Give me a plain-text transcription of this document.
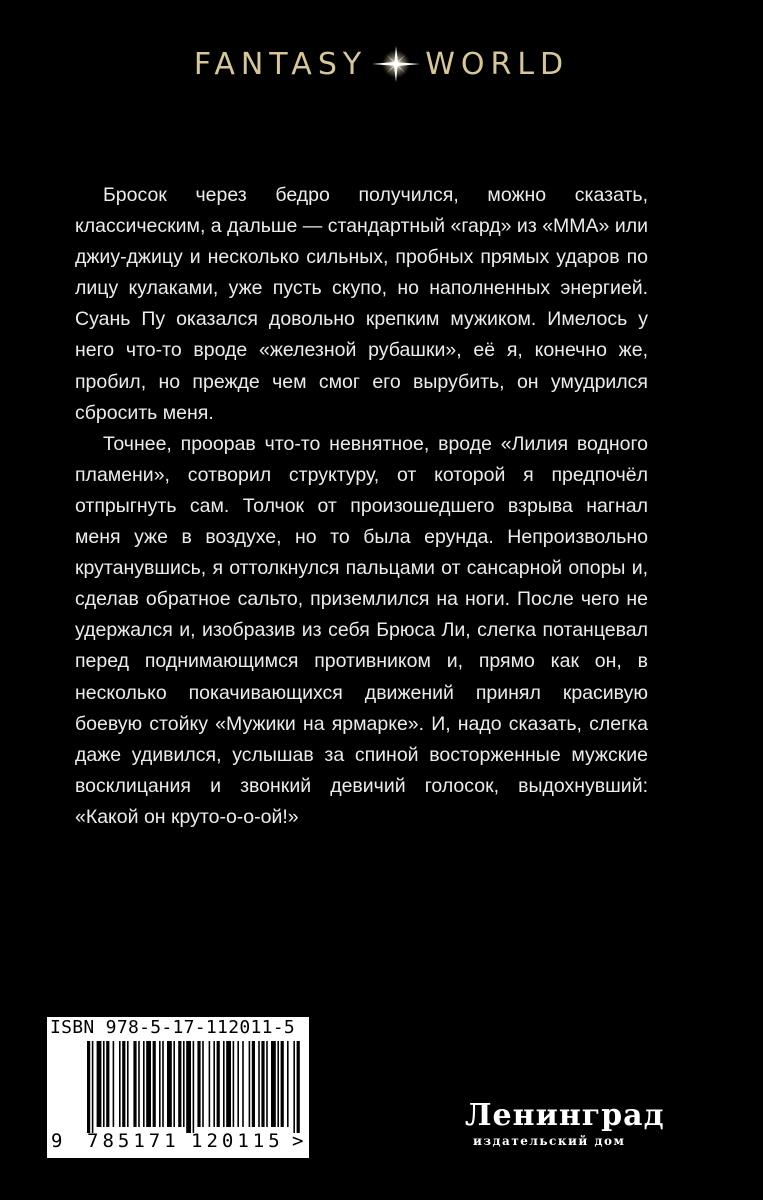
FANTASY WORLD

Бросок через бедро получился, можно сказать, классическим, а дальше — стандартный «гард» из «ММА» или джиу-джицу и несколько сильных, пробных прямых ударов по лицу кулаками, уже пусть скупо, но наполненных энергией. Суань Пу оказался довольно крепким мужиком. Имелось у него что-то вроде «железной рубашки», её я, конечно же, пробил, но прежде чем смог его вырубить, он умудрился сбросить меня.

Точнее, проорав что-то невнятное, вроде «Лилия водного пламени», сотворил структуру, от которой я предпочёл отпрыгнуть сам. Толчок от произошедшего взрыва нагнал меня уже в воздухе, но то была ерунда. Непроизвольно крутанувшись, я оттолкнулся пальцами от сансарной опоры и, сделав обратное сальто, приземлился на ноги. После чего не удержался и, изобразив из себя Брюса Ли, слегка потанцевал перед поднимающимся противником и, прямо как он, в несколько покачивающихся движений принял красивую боевую стойку «Мужики на ярмарке». И, надо сказать, слегка даже удивился, услышав за спиной восторженные мужские восклицания и звонкий девичий голосок, выдохнувший: «Какой он круто-о-о-ой!»

ISBN 978-5-17-112011-5
9 785171 120115 >
Ленинград
издательский дом
